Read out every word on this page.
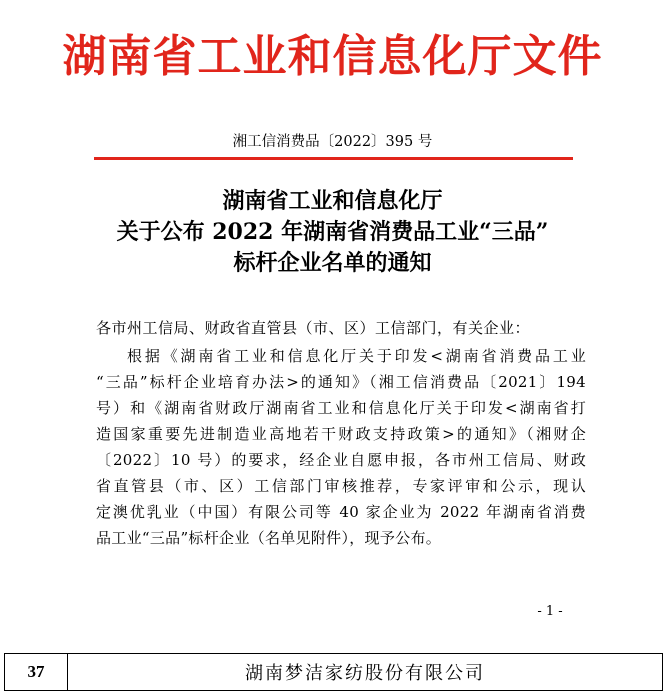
湖南省工业和信息化厅文件
湘工信消费品〔2022〕395 号
湖南省工业和信息化厅
关于公布 2022 年湖南省消费品工业“三品”
标杆企业名单的通知
各市州工信局、财政省直管县（市、区）工信部门，有关企业：
根据《湖南省工业和信息化厅关于印发<湖南省消费品工业
“三品”标杆企业培育办法>的通知》（湘工信消费品〔2021〕194
号）和《湖南省财政厅湖南省工业和信息化厅关于印发<湖南省打
造国家重要先进制造业高地若干财政支持政策>的通知》（湘财企
〔2022〕10 号）的要求，经企业自愿申报，各市州工信局、财政
省直管县（市、区）工信部门审核推荐，专家评审和公示，现认
定澳优乳业（中国）有限公司等 40 家企业为 2022 年湖南省消费
品工业“三品”标杆企业（名单见附件），现予公布。
- 1 -
37	湖南梦洁家纺股份有限公司
